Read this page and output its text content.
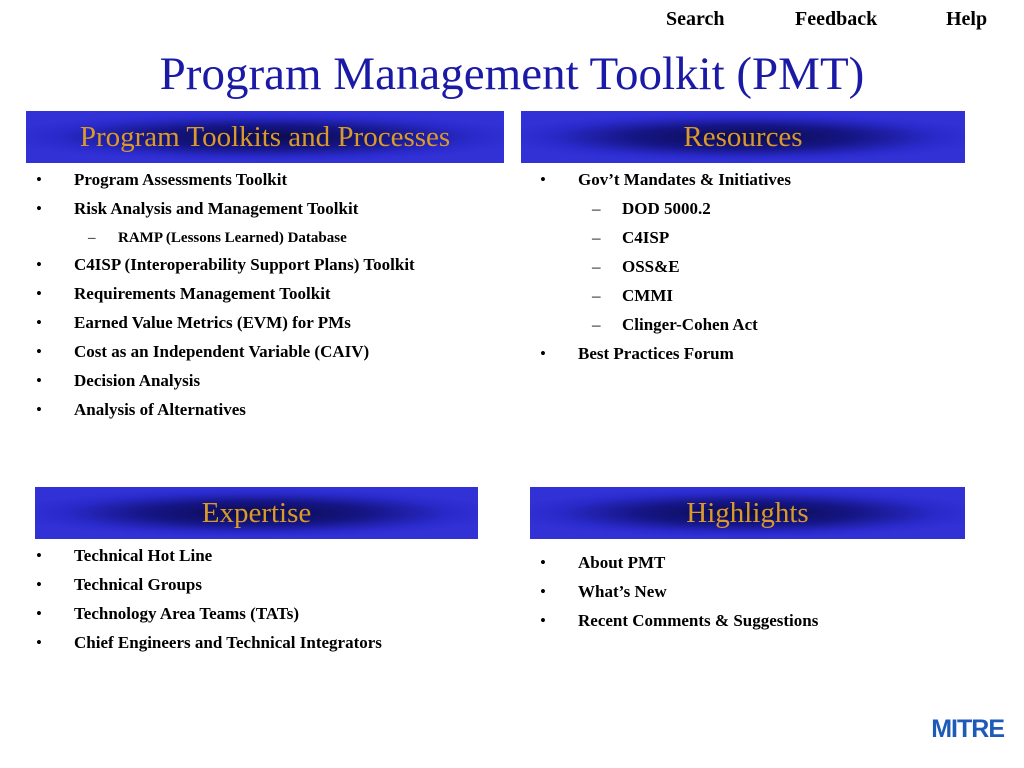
Search	Feedback	Help
Program Management Toolkit (PMT)
Program Toolkits and Processes
• Program Assessments Toolkit
• Risk Analysis and Management Toolkit
– RAMP (Lessons Learned) Database
• C4ISP (Interoperability Support Plans) Toolkit
• Requirements Management Toolkit
• Earned Value Metrics (EVM) for PMs
• Cost as an Independent Variable (CAIV)
• Decision Analysis
• Analysis of Alternatives
Resources
• Gov’t Mandates & Initiatives
– DOD 5000.2
– C4ISP
– OSS&E
– CMMI
– Clinger-Cohen Act
• Best Practices Forum
Expertise
• Technical Hot Line
• Technical Groups
• Technology Area Teams (TATs)
• Chief Engineers and Technical Integrators
Highlights
• About PMT
• What’s New
• Recent Comments & Suggestions
MITRE
